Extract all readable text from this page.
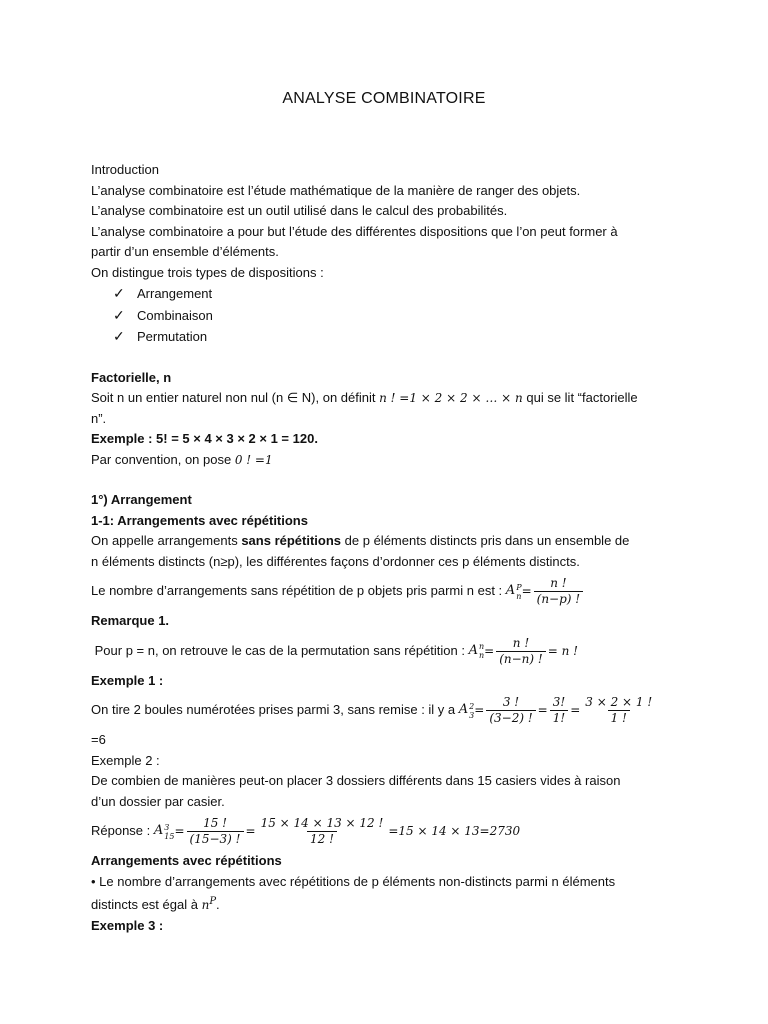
ANALYSE COMBINATOIRE

Introduction

L’analyse combinatoire est l’étude mathématique de la manière de ranger des objets.

L’analyse combinatoire est un outil utilisé dans le calcul des probabilités.

L’analyse combinatoire a pour but l’étude des différentes dispositions que l’on peut former à

partir d’un ensemble d’éléments.

On distingue trois types de dispositions :

✓ Arrangement
✓ Combinaison
✓ Permutation

Factorielle, n

Soit n un entier naturel non nul (n ∈ N), on définit n ! =1 × 2 × 2 × … × n qui se lit “factorielle

n”.

Exemple : 5! = 5 × 4 × 3 × 2 × 1 = 120.

Par convention, on pose 0 ! =1

1°) Arrangement

1-1: Arrangements avec répétitions

On appelle arrangements sans répétitions de p éléments distincts pris dans un ensemble de

n éléments distincts (n≥p), les différentes façons d’ordonner ces p éléments distincts.

Le nombre d’arrangements sans répétition de p objets pris parmi n est :
A P
$n = \frac{n !}{(n-p) !}$

Remarque 1.

Pour p = n, on retrouve le cas de la permutation sans répétition :
A n
$n = \frac{n !}{(n-n) !} = n$ !

Exemple 1 :

On tire 2 boules numérotées prises parmi 3, sans remise : il y a
A 2
$3 = \frac{3 !}{(3-2) !} = \frac{3!}{1!} = \frac{3 \times 2 \times 1 !}{1 !}$

=6

Exemple 2 :

De combien de manières peut-on placer 3 dossiers différents dans 15 casiers vides à raison

d’un dossier par casier.

Réponse :
A 3
$15 = \frac{15 !}{(15-3) !} = \frac{15 \times 14 \times 13 \times 12 !}{12 !} =15 \times 14 \times 13=2730$

Arrangements avec répétitions

• Le nombre d’arrangements avec répétitions de p éléments non-distincts parmi n éléments

distincts est égal à $n^P$.

Exemple 3 :
